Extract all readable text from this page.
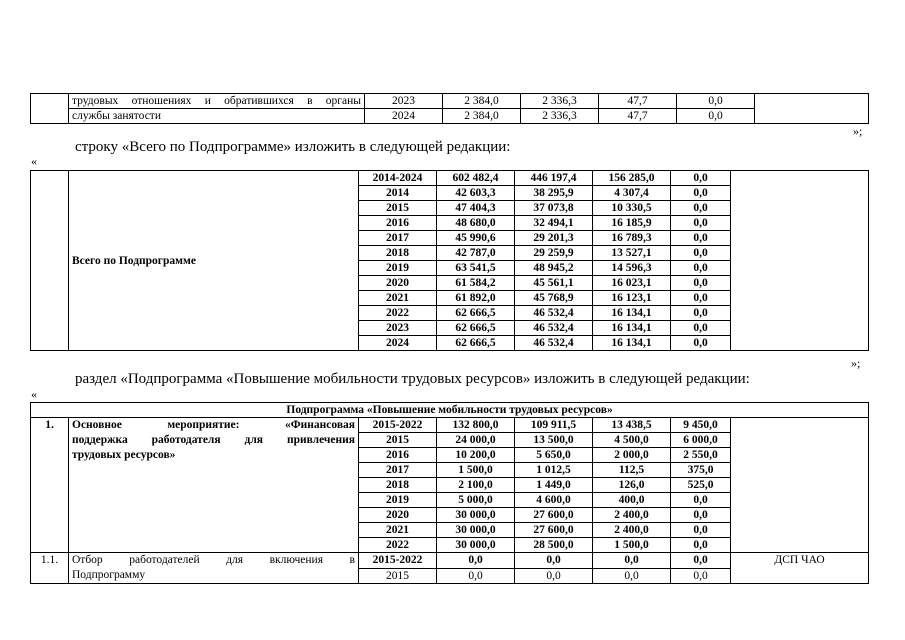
	трудовых отношениях и обратившихся в органы	2023	2 384,0	2 336,3	47,7	0,0	
	службы занятости	2024	2 384,0	2 336,3	47,7	0,0	
»;
строку «Всего по Подпрограмме» изложить в следующей редакции:
«
	Всего по Подпрограмме	2014-2024	602 482,4	446 197,4	156 285,0	0,0	
		2014	42 603,3	38 295,9	4 307,4	0,0	
		2015	47 404,3	37 073,8	10 330,5	0,0	
		2016	48 680,0	32 494,1	16 185,9	0,0	
		2017	45 990,6	29 201,3	16 789,3	0,0	
		2018	42 787,0	29 259,9	13 527,1	0,0	
		2019	63 541,5	48 945,2	14 596,3	0,0	
		2020	61 584,2	45 561,1	16 023,1	0,0	
		2021	61 892,0	45 768,9	16 123,1	0,0	
		2022	62 666,5	46 532,4	16 134,1	0,0	
		2023	62 666,5	46 532,4	16 134,1	0,0	
		2024	62 666,5	46 532,4	16 134,1	0,0	
»;
раздел «Подпрограмма «Повышение мобильности трудовых ресурсов» изложить в следующей редакции:
«
Подпрограмма «Повышение мобильности трудовых ресурсов»							
1.	Основное мероприятие: «Финансовая
поддержка работодателя для привлечения
трудовых ресурсов»	2015-2022	132 800,0	109 911,5	13 438,5	9 450,0	
		2015	24 000,0	13 500,0	4 500,0	6 000,0	
		2016	10 200,0	5 650,0	2 000,0	2 550,0	
		2017	1 500,0	1 012,5	112,5	375,0	
		2018	2 100,0	1 449,0	126,0	525,0	
		2019	5 000,0	4 600,0	400,0	0,0	
		2020	30 000,0	27 600,0	2 400,0	0,0	
		2021	30 000,0	27 600,0	2 400,0	0,0	
		2022	30 000,0	28 500,0	1 500,0	0,0	
1.1.	Отбор работодателей для включения в
Подпрограмму	2015-2022	0,0	0,0	0,0	0,0	ДСП ЧАО
		2015	0,0	0,0	0,0	0,0	
